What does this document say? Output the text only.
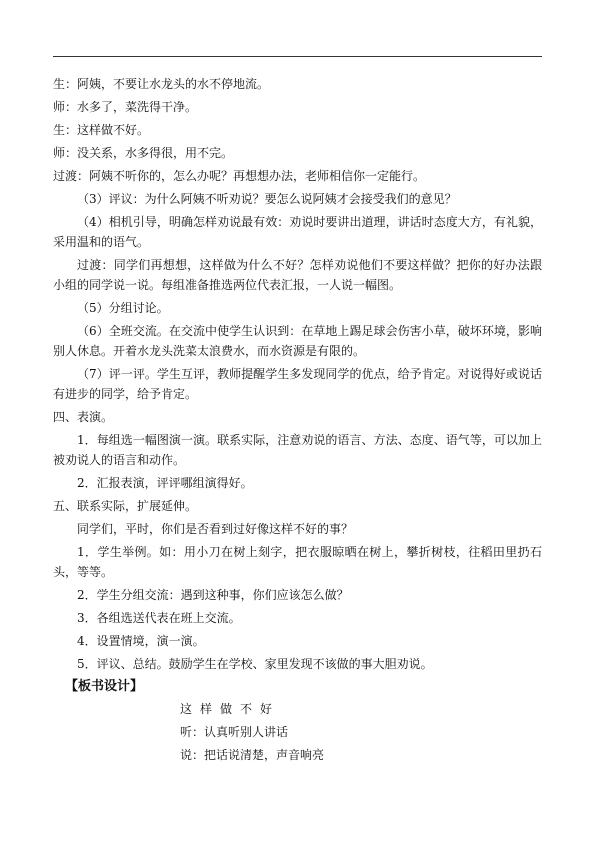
生：阿姨，不要让水龙头的水不停地流。

师：水多了，菜洗得干净。

生：这样做不好。

师：没关系，水多得很，用不完。

过渡：阿姨不听你的，怎么办呢？再想想办法，老师相信你一定能行。

（3）评议：为什么阿姨不听劝说？要怎么说阿姨才会接受我们的意见？

（4）相机引导，明确怎样劝说最有效：劝说时要讲出道理，讲话时态度大方，有礼貌，采用温和的语气。

过渡：同学们再想想，这样做为什么不好？怎样劝说他们不要这样做？把你的好办法跟小组的同学说一说。每组准备推选两位代表汇报，一人说一幅图。

（5）分组讨论。

（6）全班交流。在交流中使学生认识到：在草地上踢足球会伤害小草，破坏环境，影响别人休息。开着水龙头洗菜太浪费水，而水资源是有限的。

（7）评一评。学生互评，教师提醒学生多发现同学的优点，给予肯定。对说得好或说话有进步的同学，给予肯定。

四、表演。

1．每组选一幅图演一演。联系实际，注意劝说的语言、方法、态度、语气等，可以加上被劝说人的语言和动作。

2．汇报表演，评评哪组演得好。

五、联系实际，扩展延伸。

同学们，平时，你们是否看到过好像这样不好的事？

1．学生举例。如：用小刀在树上刻字，把衣服晾晒在树上，攀折树枝，往稻田里扔石头，等等。

2．学生分组交流：遇到这种事，你们应该怎么做？

3．各组选送代表在班上交流。

4．设置情境，演一演。

5．评议、总结。鼓励学生在学校、家里发现不该做的事大胆劝说。

【板书设计】
这样做不好
听：认真听别人讲话
说：把话说清楚，声音响亮
